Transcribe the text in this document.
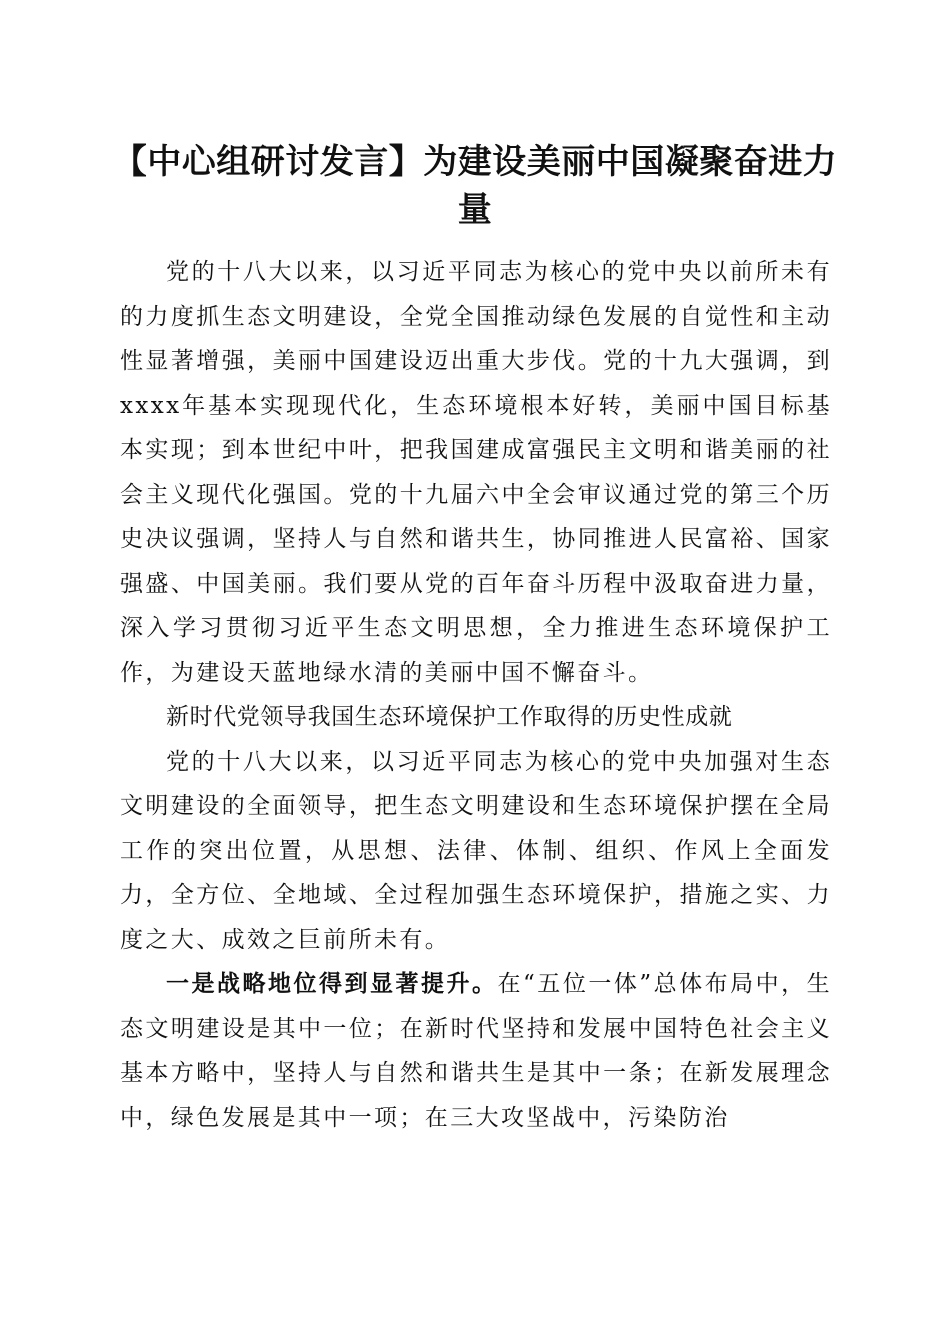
【中心组研讨发言】为建设美丽中国凝聚奋进力量

党的十八大以来，以习近平同志为核心的党中央以前所未有的力度抓生态文明建设，全党全国推动绿色发展的自觉性和主动性显著增强，美丽中国建设迈出重大步伐。党的十九大强调，到xxxx年基本实现现代化，生态环境根本好转，美丽中国目标基本实现；到本世纪中叶，把我国建成富强民主文明和谐美丽的社会主义现代化强国。党的十九届六中全会审议通过党的第三个历史决议强调，坚持人与自然和谐共生，协同推进人民富裕、国家强盛、中国美丽。我们要从党的百年奋斗历程中汲取奋进力量，深入学习贯彻习近平生态文明思想，全力推进生态环境保护工作，为建设天蓝地绿水清的美丽中国不懈奋斗。

新时代党领导我国生态环境保护工作取得的历史性成就

党的十八大以来，以习近平同志为核心的党中央加强对生态文明建设的全面领导，把生态文明建设和生态环境保护摆在全局工作的突出位置，从思想、法律、体制、组织、作风上全面发力，全方位、全地域、全过程加强生态环境保护，措施之实、力度之大、成效之巨前所未有。

一是战略地位得到显著提升。在“五位一体”总体布局中，生态文明建设是其中一位；在新时代坚持和发展中国特色社会主义基本方略中，坚持人与自然和谐共生是其中一条；在新发展理念中，绿色发展是其中一项；在三大攻坚战中，污染防治
